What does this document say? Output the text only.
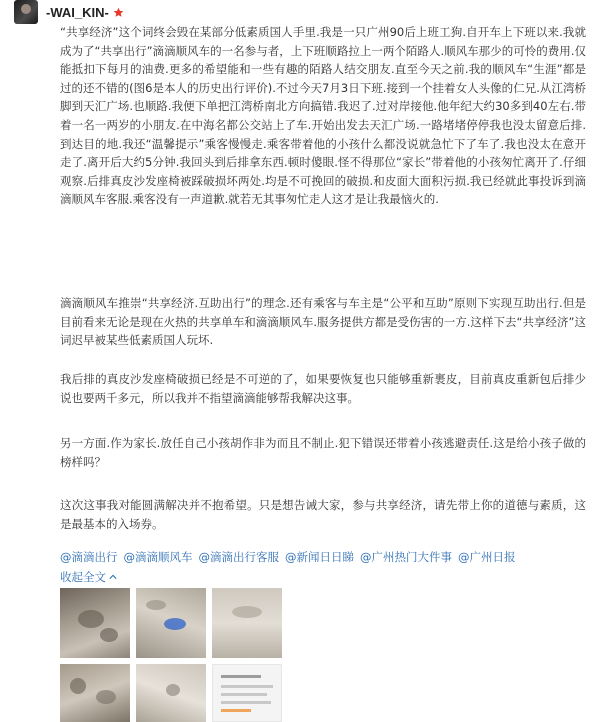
-WAI_KIN-
“共享经济”这个词终会毁在某部分低素质国人手里.我是一只广州90后上班工狗.自开车上下班以来.我就成为了“共享出行”滴滴顺风车的一名参与者，上下班顺路拉上一两个陌路人.顺风车那少的可怜的费用.仅能抵扣下每月的油费.更多的希望能和一些有趣的陌路人结交朋友.直至今天之前.我的顺风车“生涯”都是过的还不错的(图6是本人的历史出行评价).不过今天7月3日下班.接到一个挂着女人头像的仁兄.从江湾桥脚到天汇广场.也顺路.我便下单把江湾桥南北方向搞错.我迟了.过对岸接他.他年纪大约30多到40左右.带着一名一两岁的小朋友.在中海名都公交站上了车.开始出发去天汇广场.一路堵堵停停我也没太留意后排.到达目的地.我还“温馨提示”乘客慢慢走.乘客带着他的小孩什么都没说就急忙下了车了.我也没太在意开走了.离开后大约5分钟.我回头到后排拿东西.顿时傻眼.怪不得那位“家长”带着他的小孩匆忙离开了.仔细观察.后排真皮沙发座椅被踩破损坏两处.均是不可挽回的破损.和皮面大面积污损.我已经就此事投诉到滴滴顺风车客服.乘客没有一声道歉.就若无其事匆忙走人这才是让我最恼火的.
滴滴顺风车推崇“共享经济.互助出行”的理念.还有乘客与车主是“公平和互助”原则下实现互助出行.但是目前看来无论是现在火热的共享单车和滴滴顺风车.服务提供方都是受伤害的一方.这样下去“共享经济”这词迟早被某些低素质国人玩坏.
我后排的真皮沙发座椅破损已经是不可逆的了，如果要恢复也只能够重新裹皮，目前真皮重新包后排少说也要两千多元，所以我并不指望滴滴能够帮我解决这事。
另一方面.作为家长.放任自己小孩胡作非为而且不制止.犯下错误还带着小孩逃避责任.这是给小孩子做的榜样吗？
这次这事我对能圆满解决并不抱希望。只是想告诫大家，参与共享经济，请先带上你的道德与素质，这是最基本的入场券。
@滴滴出行 @滴滴顺风车 @滴滴出行客服 @新闻日日睇 @广州热门大件事 @广州日报
收起全文
